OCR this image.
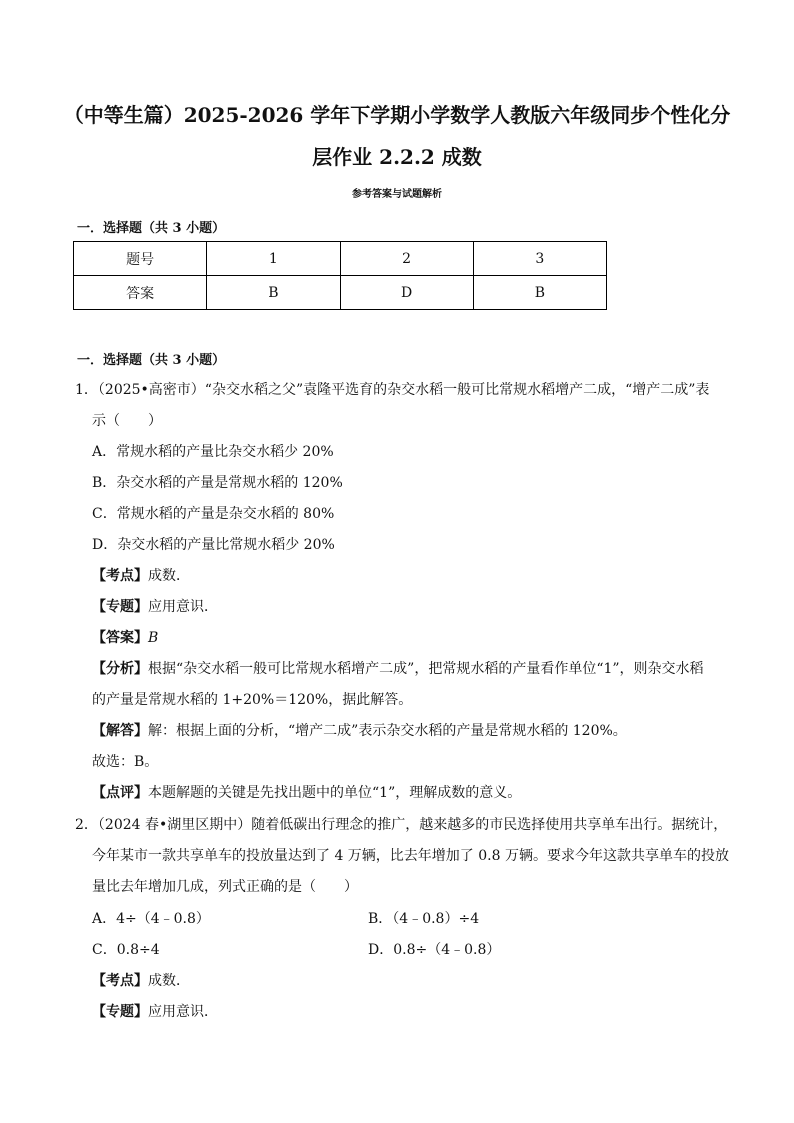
（中等生篇）2025-2026 学年下学期小学数学人教版六年级同步个性化分
层作业 2.2.2 成数
参考答案与试题解析
一．选择题（共 3 小题）
题号	1	2	3
答案	B	D	B
一．选择题（共 3 小题）
1．（2025•高密市）“杂交水稻之父”袁隆平选育的杂交水稻一般可比常规水稻增产二成，“增产二成”表
示（　　）
A．常规水稻的产量比杂交水稻少 20%
B．杂交水稻的产量是常规水稻的 120%
C．常规水稻的产量是杂交水稻的 80%
D．杂交水稻的产量比常规水稻少 20%
【考点】成数．
【专题】应用意识．
【答案】B
【分析】根据“杂交水稻一般可比常规水稻增产二成”，把常规水稻的产量看作单位“1”，则杂交水稻
的产量是常规水稻的 1+20%＝120%，据此解答。
【解答】解：根据上面的分析，“增产二成”表示杂交水稻的产量是常规水稻的 120%。
故选：B。
【点评】本题解题的关键是先找出题中的单位“1”，理解成数的意义。
2．（2024 春•湖里区期中）随着低碳出行理念的推广，越来越多的市民选择使用共享单车出行。据统计，
今年某市一款共享单车的投放量达到了 4 万辆，比去年增加了 0.8 万辆。要求今年这款共享单车的投放
量比去年增加几成，列式正确的是（　　）
A．4÷（4﹣0.8）	B．（4﹣0.8）÷4
C．0.8÷4	D．0.8÷（4﹣0.8）
【考点】成数．
【专题】应用意识．
